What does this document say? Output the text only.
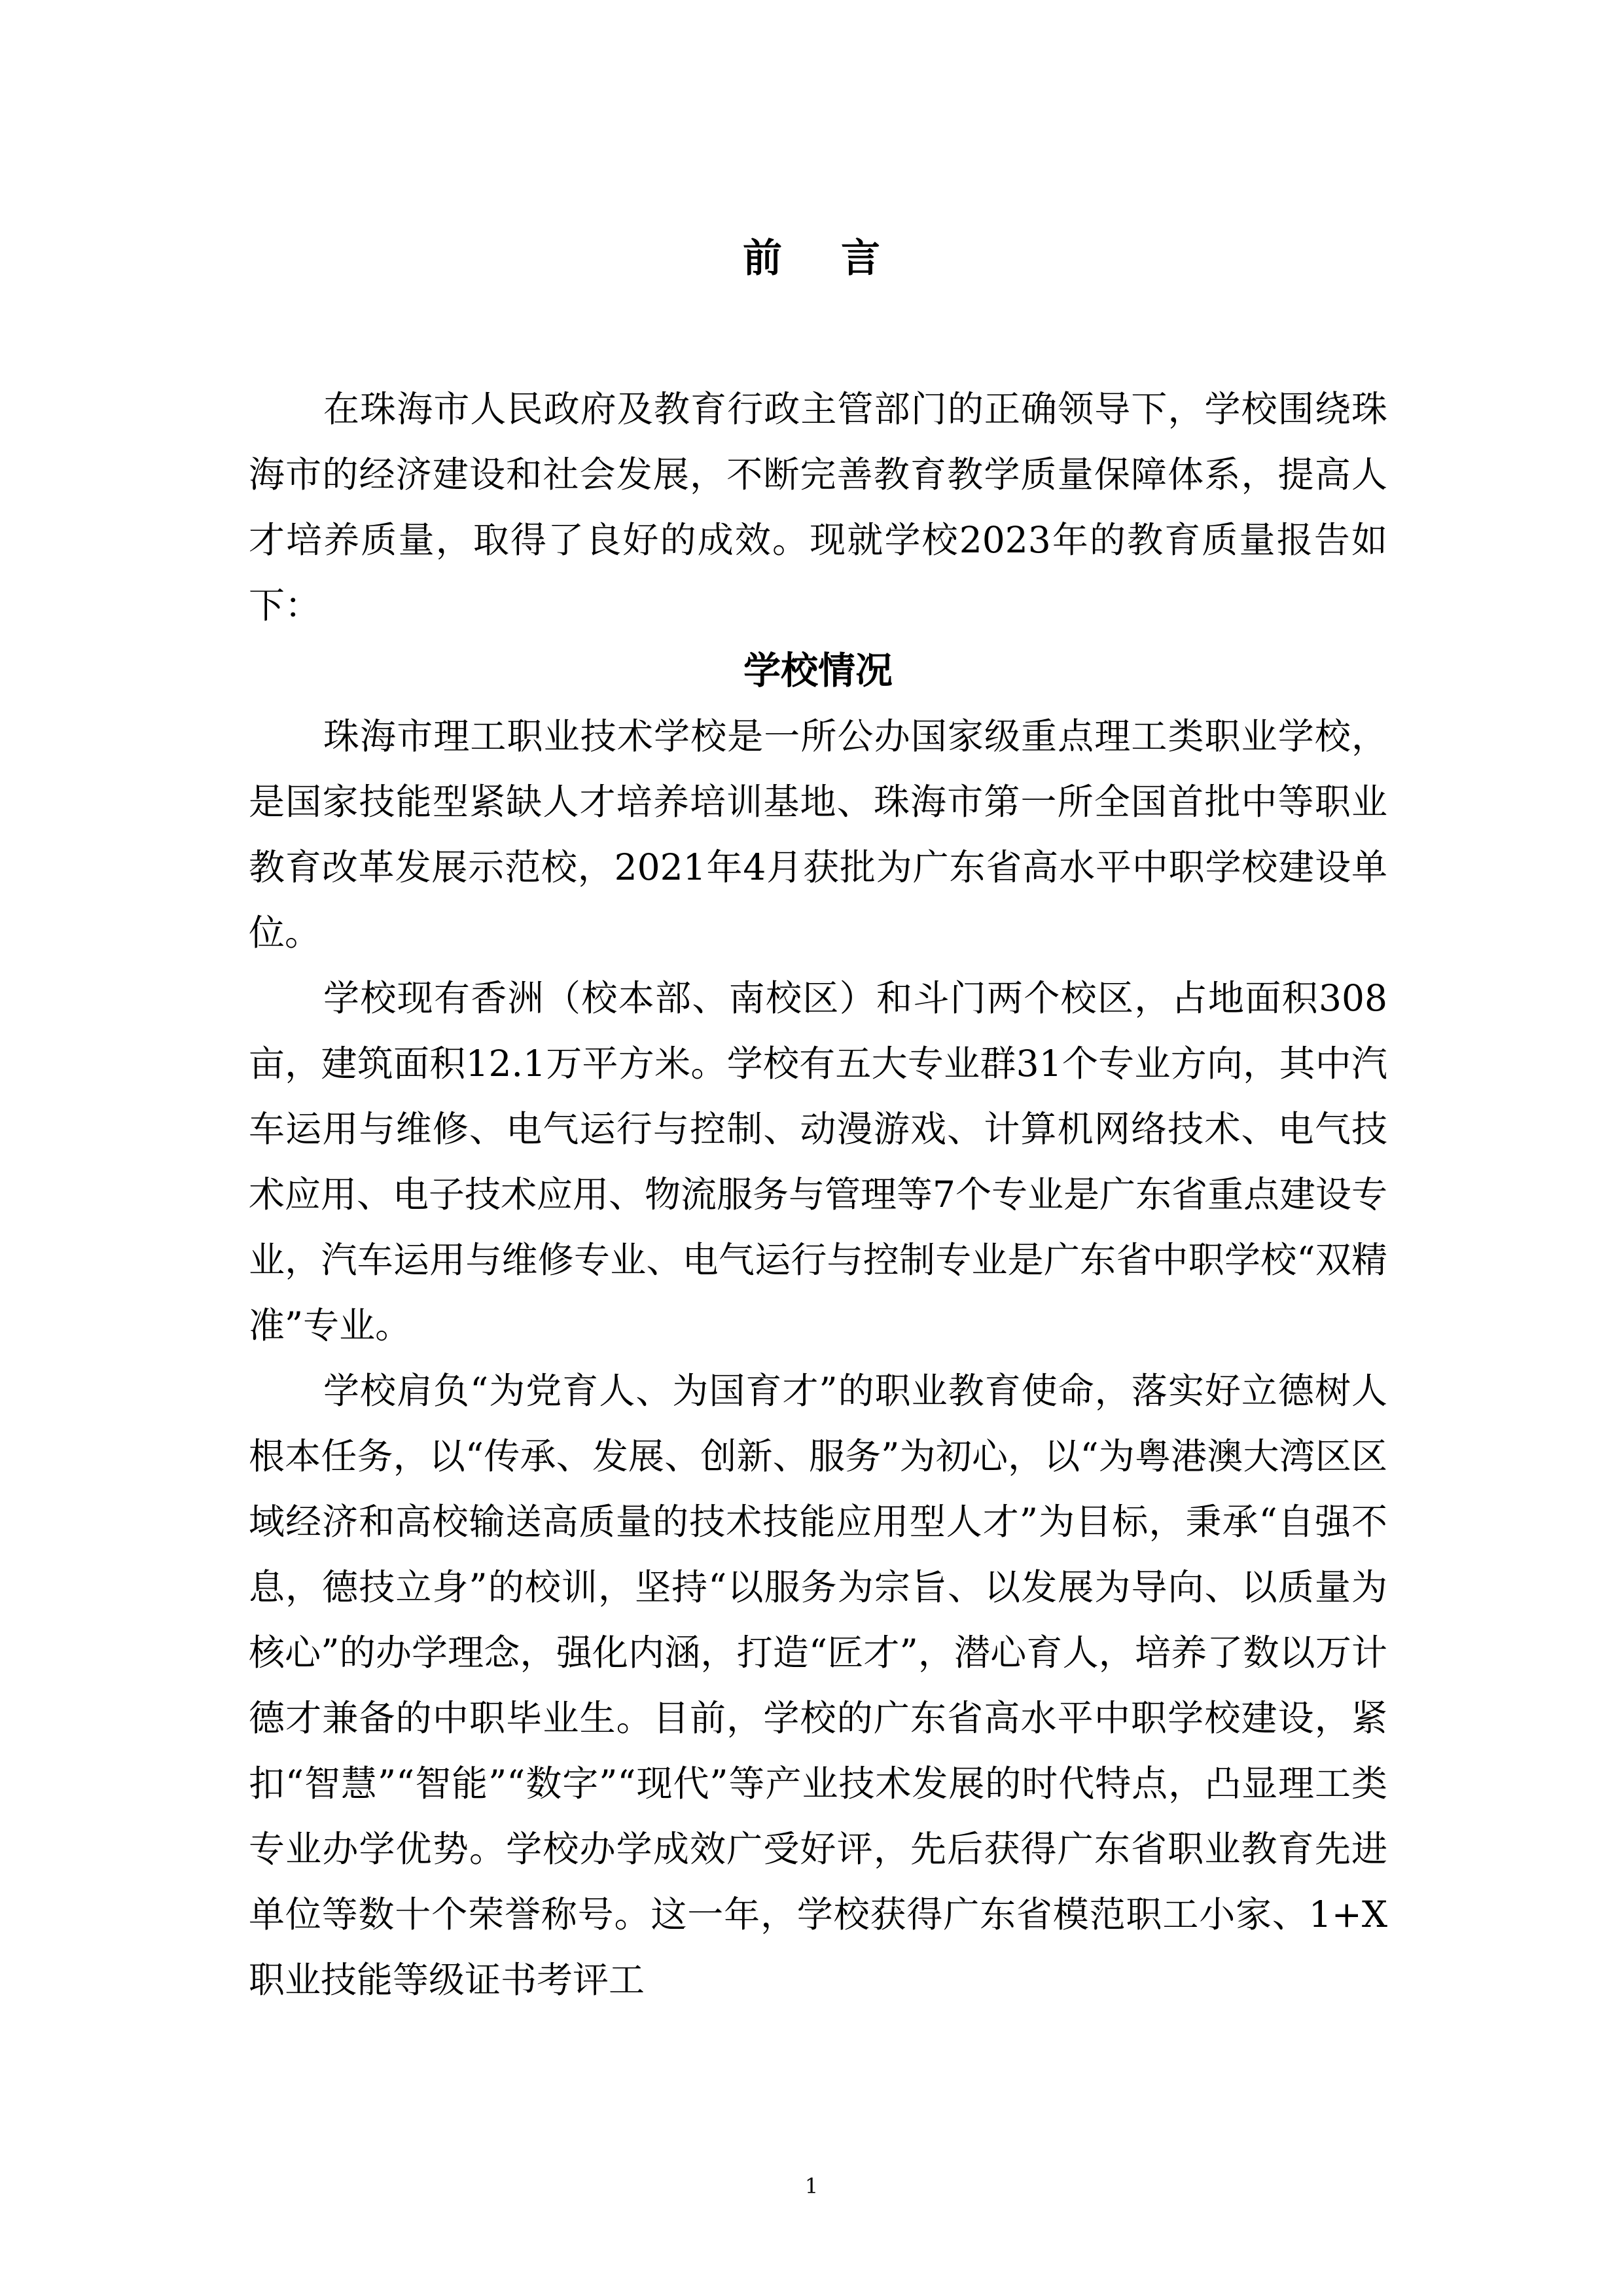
前言

在珠海市人民政府及教育行政主管部门的正确领导下，学校围绕珠海市的经济建设和社会发展，不断完善教育教学质量保障体系，提高人才培养质量，取得了良好的成效。现就学校2023年的教育质量报告如下：

学校情况

珠海市理工职业技术学校是一所公办国家级重点理工类职业学校，是国家技能型紧缺人才培养培训基地、珠海市第一所全国首批中等职业教育改革发展示范校，2021年4月获批为广东省高水平中职学校建设单位。

学校现有香洲（校本部、南校区）和斗门两个校区，占地面积308亩，建筑面积12.1万平方米。学校有五大专业群31个专业方向，其中汽车运用与维修、电气运行与控制、动漫游戏、计算机网络技术、电气技术应用、电子技术应用、物流服务与管理等7个专业是广东省重点建设专业，汽车运用与维修专业、电气运行与控制专业是广东省中职学校“双精准”专业。

学校肩负“为党育人、为国育才”的职业教育使命，落实好立德树人根本任务，以“传承、发展、创新、服务”为初心，以“为粤港澳大湾区区域经济和高校输送高质量的技术技能应用型人才”为目标，秉承“自强不息，德技立身”的校训，坚持“以服务为宗旨、以发展为导向、以质量为核心”的办学理念，强化内涵，打造“匠才”，潜心育人，培养了数以万计德才兼备的中职毕业生。目前，学校的广东省高水平中职学校建设，紧扣“智慧”“智能”“数字”“现代”等产业技术发展的时代特点，凸显理工类专业办学优势。学校办学成效广受好评，先后获得广东省职业教育先进单位等数十个荣誉称号。这一年，学校获得广东省模范职工小家、1+X职业技能等级证书考评工

1
